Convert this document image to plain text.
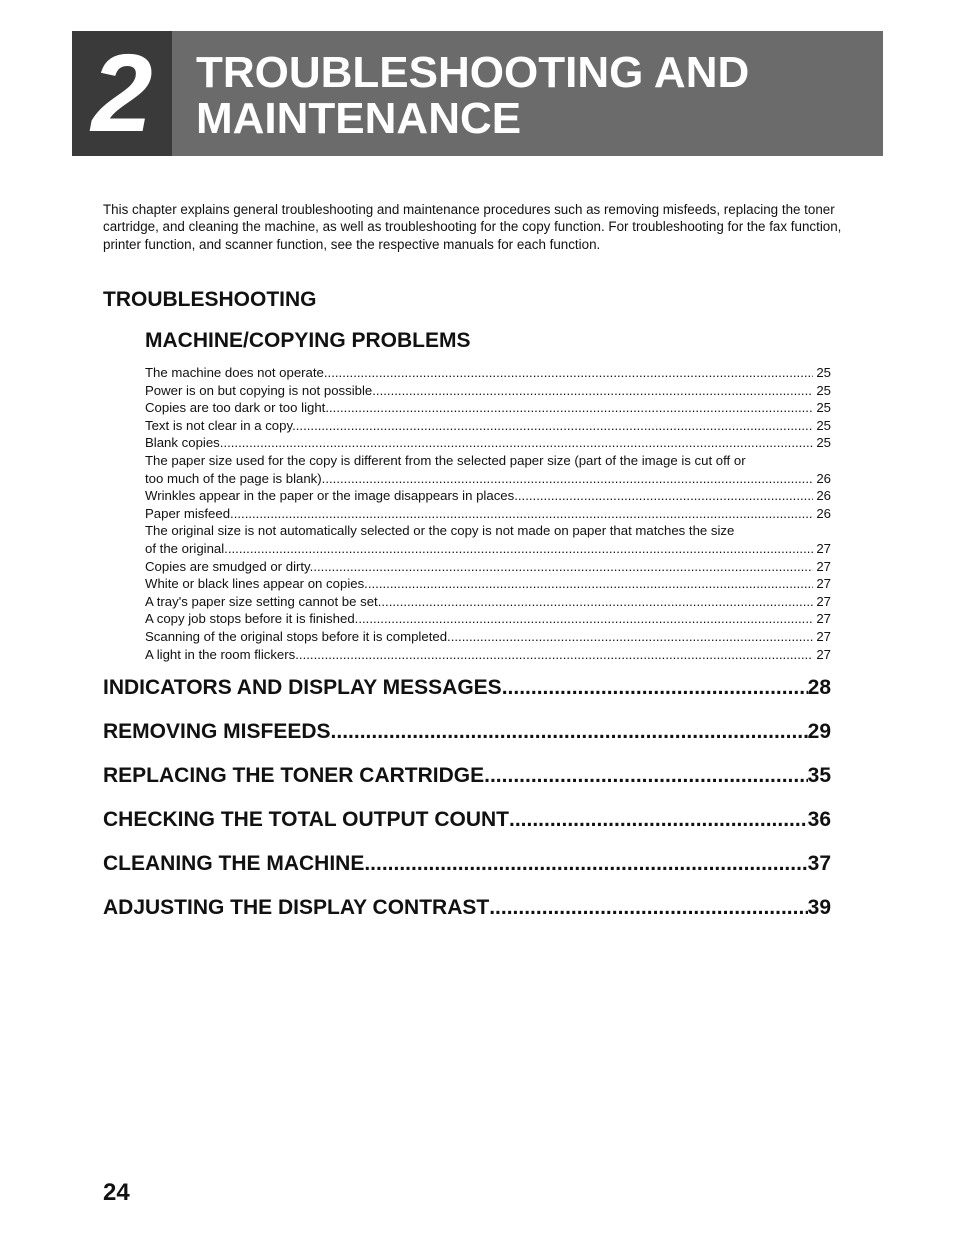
2 TROUBLESHOOTING AND
MAINTENANCE

This chapter explains general troubleshooting and maintenance procedures such as removing misfeeds, replacing the toner cartridge, and cleaning the machine, as well as troubleshooting for the copy function. For troubleshooting for the fax function, printer function, and scanner function, see the respective manuals for each function.

TROUBLESHOOTING
MACHINE/COPYING PROBLEMS
The machine does not operate. .....	25
Power is on but copying is not possible. .....	25
Copies are too dark or too light. .....	25
Text is not clear in a copy. .....	25
Blank copies. .....	25
The paper size used for the copy is different from the selected paper size (part of the image is cut off or
too much of the page is blank). .....	26
Wrinkles appear in the paper or the image disappears in places. .....	26
Paper misfeed. .....	26
The original size is not automatically selected or the copy is not made on paper that matches the size
of the original. .....	27
Copies are smudged or dirty. .....	27
White or black lines appear on copies. .....	27
A tray's paper size setting cannot be set. .....	27
A copy job stops before it is finished. .....	27
Scanning of the original stops before it is completed. .....	27
A light in the room flickers. .....	27
INDICATORS AND DISPLAY MESSAGES .....	28
REMOVING MISFEEDS .....	29
REPLACING THE TONER CARTRIDGE .....	35
CHECKING THE TOTAL OUTPUT COUNT .....	36
CLEANING THE MACHINE .....	37
ADJUSTING THE DISPLAY CONTRAST .....	39
24
